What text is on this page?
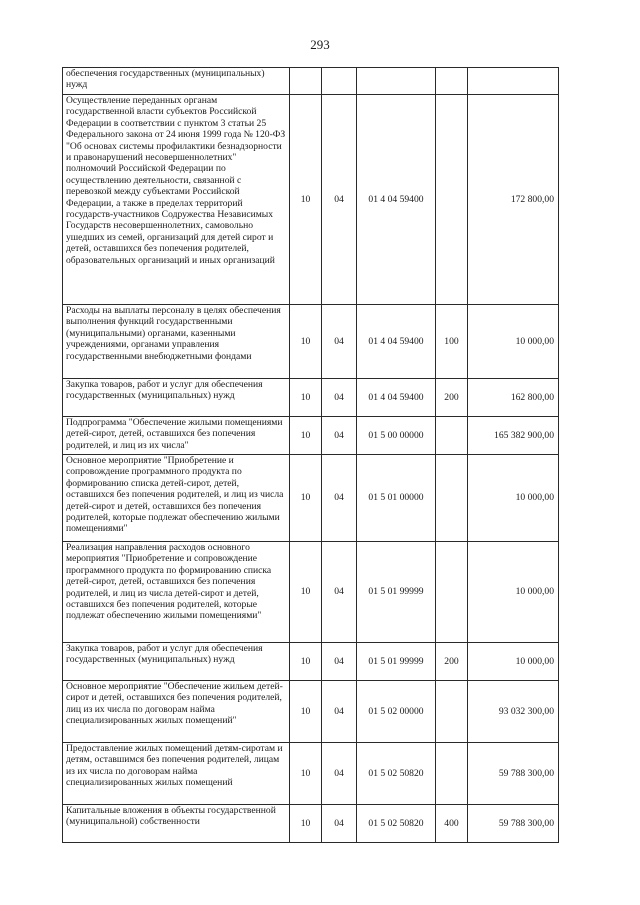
293
обеспечения государственных (муниципальных) нужд					
Осуществление переданных органам государственной власти субъектов Российской Федерации в соответствии с пунктом 3 статьи 25 Федерального закона от 24 июня 1999 года № 120-ФЗ "Об основах системы профилактики безнадзорности и правонарушений несовершеннолетних" полномочий Российской Федерации по осуществлению деятельности, связанной с перевозкой между субъектами Российской Федерации, а также в пределах территорий государств-участников Содружества Независимых Государств несовершеннолетних, самовольно ушедших из семей, организаций для детей сирот и детей, оставшихся без попечения родителей, образовательных организаций и иных организаций	10	04	01 4 04 59400		172 800,00
Расходы на выплаты персоналу в целях обеспечения выполнения функций государственными (муниципальными) органами, казенными учреждениями, органами управления государственными внебюджетными фондами	10	04	01 4 04 59400	100	10 000,00
Закупка товаров, работ и услуг для обеспечения государственных (муниципальных) нужд	10	04	01 4 04 59400	200	162 800,00
Подпрограмма "Обеспечение жилыми помещениями детей-сирот, детей, оставшихся без попечения родителей, и лиц из их числа"	10	04	01 5 00 00000		165 382 900,00
Основное мероприятие "Приобретение и сопровождение программного продукта по формированию списка детей-сирот, детей, оставшихся без попечения родителей, и лиц из числа детей-сирот и детей, оставшихся без попечения родителей, которые подлежат обеспечению жилыми помещениями"	10	04	01 5 01 00000		10 000,00
Реализация направления расходов основного мероприятия "Приобретение и сопровождение программного продукта по формированию списка детей-сирот, детей, оставшихся без попечения родителей, и лиц из числа детей-сирот и детей, оставшихся без попечения родителей, которые подлежат обеспечению жилыми помещениями"	10	04	01 5 01 99999		10 000,00
Закупка товаров, работ и услуг для обеспечения государственных (муниципальных) нужд	10	04	01 5 01 99999	200	10 000,00
Основное мероприятие "Обеспечение жильем детей-сирот и детей, оставшихся без попечения родителей, лиц из их числа по договорам найма специализированных жилых помещений"	10	04	01 5 02 00000		93 032 300,00
Предоставление жилых помещений детям-сиротам и детям, оставшимся без попечения родителей, лицам из их числа по договорам найма специализированных жилых помещений	10	04	01 5 02 50820		59 788 300,00
Капитальные вложения в объекты государственной (муниципальной) собственности	10	04	01 5 02 50820	400	59 788 300,00
